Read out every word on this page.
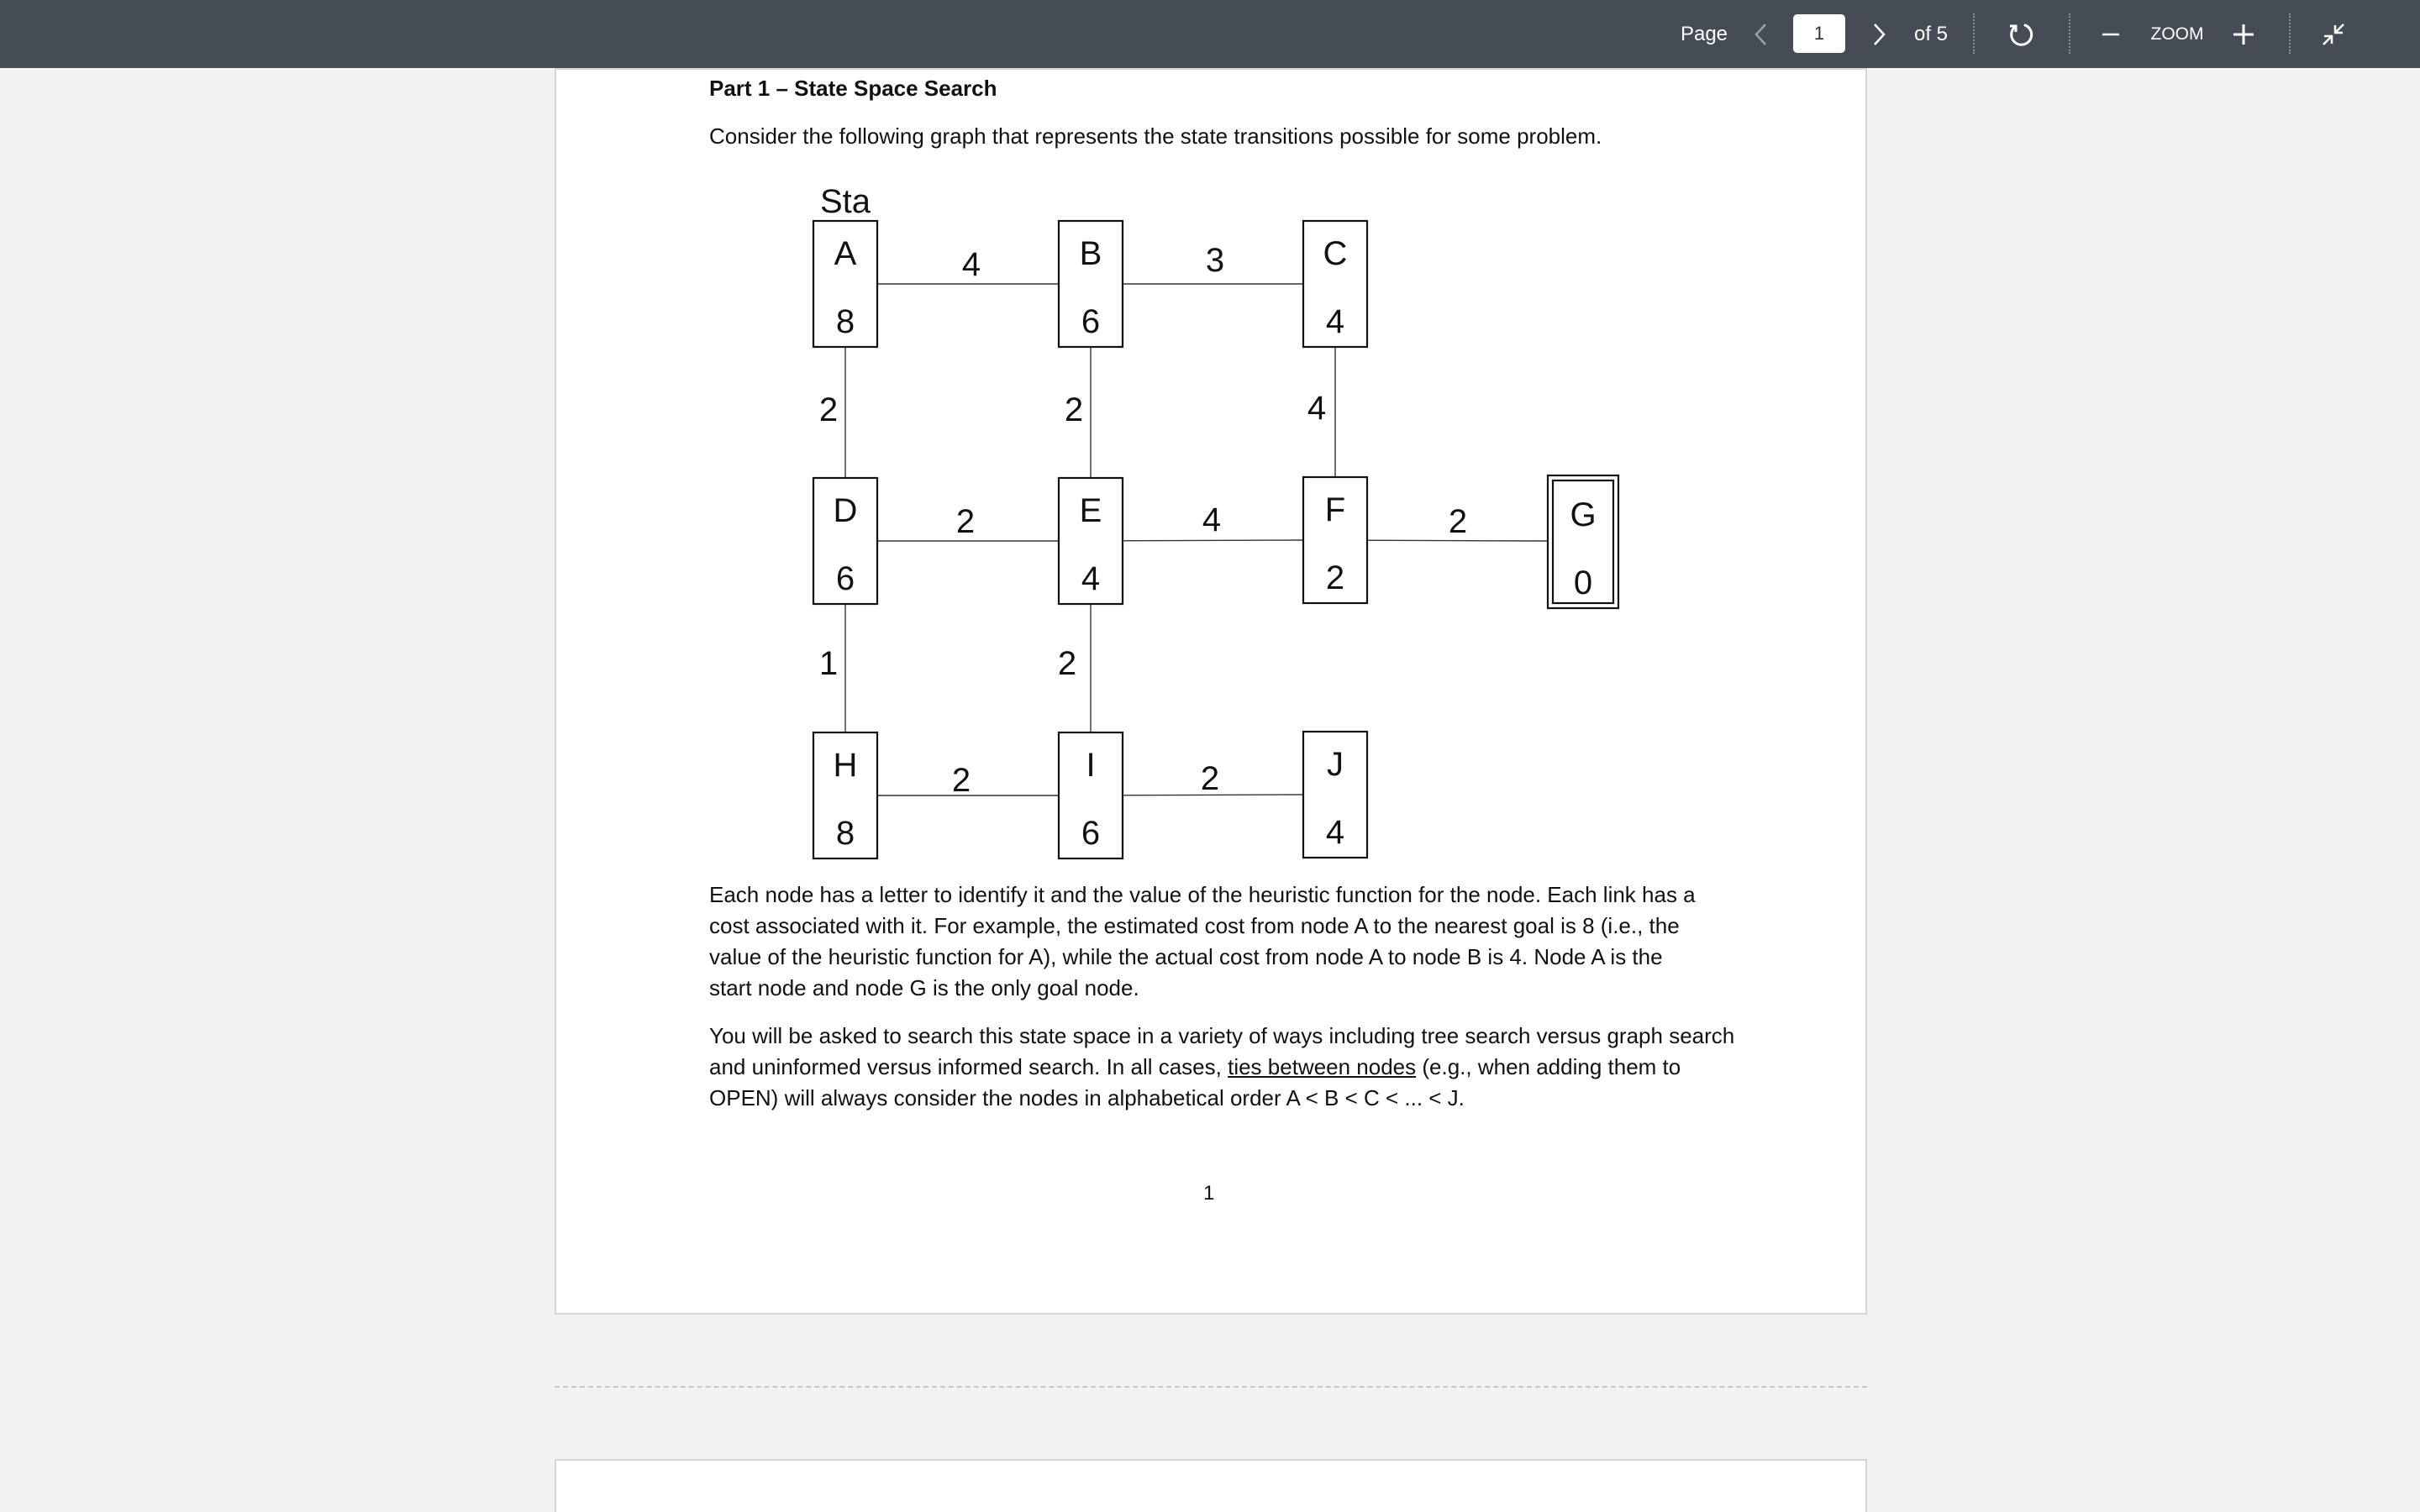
Page
1	of 5	ZOOM
Part 1 – State Space Search
Consider the following graph that represents the state transitions possible for some problem.
Sta
4	3
2	2	4
2	4	2
1	2
2	2
A
8
B
6
C
4
D
6
E
4
F
2
G
0
H
8
I
6
J
4
Each node has a letter to identify it and the value of the heuristic function for the node. Each link has a
cost associated with it. For example, the estimated cost from node A to the nearest goal is 8 (i.e., the
value of the heuristic function for A), while the actual cost from node A to node B is 4. Node A is the
start node and node G is the only goal node.
You will be asked to search this state space in a variety of ways including tree search versus graph search
and uninformed versus informed search. In all cases, ties between nodes (e.g., when adding them to
OPEN) will always consider the nodes in alphabetical order A < B < C < ... < J.
1
